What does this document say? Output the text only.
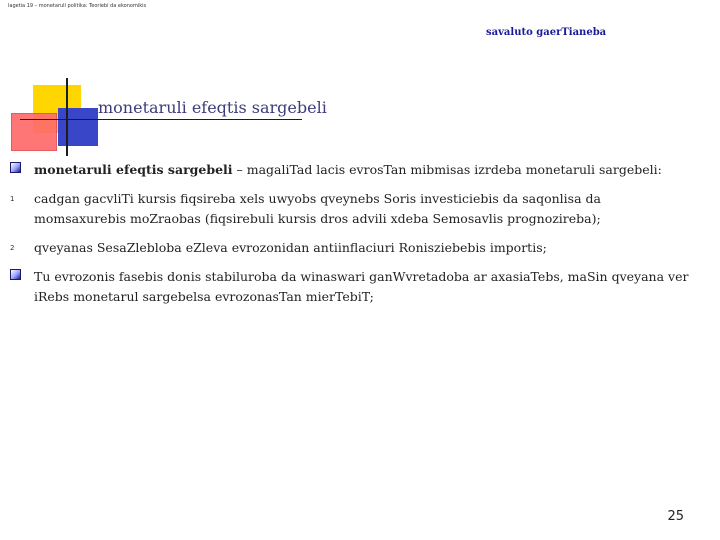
lagetia 19 – monetaruli politika: Teoriebi da ekonomikis
savaluto gaerTianeba
monetaruli efeqtis sargebeli
monetaruli efeqtis sargebeli – magaliTad lacis evrosTan mibmisas izrdeba monetaruli sargebeli:
1 cadgan gacvliTi kursis fiqsireba xels uwyobs qveynebs Soris investiciebis da saqonlisa da momsaxurebis moZraobas (fiqsirebuli kursis dros advili xdeba Semosavlis prognozireba);
2 qveyanas SesaZlebloba eZleva evrozonidan antiinflaciuri Ronisziebebis importis;
Tu evrozonis fasebis donis stabiluroba da winaswari ganWvretadoba ar axasiaTebs, maSin qveyana ver iRebs monetarul sargebelsa evrozonasTan mierTebiT;
25
